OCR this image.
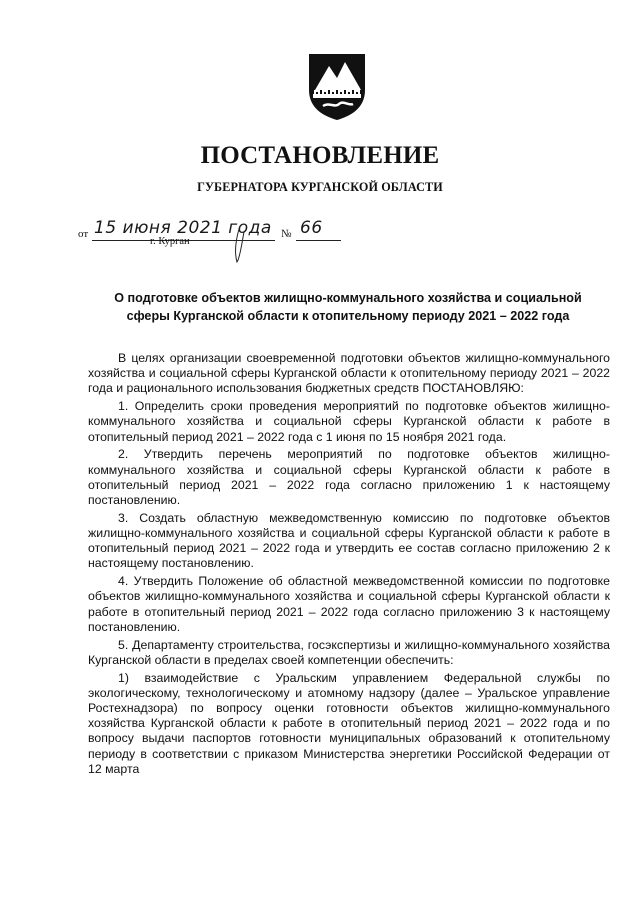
ПОСТАНОВЛЕНИЕ
ГУБЕРНАТОРА КУРГАНСКОЙ ОБЛАСТИ
от 15 июня 2021 года № 66
г. Курган
О подготовке объектов жилищно-коммунального хозяйства и социальной
сферы Курганской области к отопительному периоду 2021 – 2022 года

В целях организации своевременной подготовки объектов жилищно-коммунального хозяйства и социальной сферы Курганской области к отопительному периоду 2021 – 2022 года и рационального использования бюджетных средств ПОСТАНОВЛЯЮ:

1. Определить сроки проведения мероприятий по подготовке объектов жилищно-коммунального хозяйства и социальной сферы Курганской области к работе в отопительный период 2021 – 2022 года с 1 июня по 15 ноября 2021 года.

2. Утвердить перечень мероприятий по подготовке объектов жилищно-коммунального хозяйства и социальной сферы Курганской области к работе в отопительный период 2021 – 2022 года согласно приложению 1 к настоящему постановлению.

3. Создать областную межведомственную комиссию по подготовке объектов жилищно-коммунального хозяйства и социальной сферы Курганской области к работе в отопительный период 2021 – 2022 года и утвердить ее состав согласно приложению 2 к настоящему постановлению.

4. Утвердить Положение об областной межведомственной комиссии по подготовке объектов жилищно-коммунального хозяйства и социальной сферы Курганской области к работе в отопительный период 2021 – 2022 года согласно приложению 3 к настоящему постановлению.

5. Департаменту строительства, госэкспертизы и жилищно-коммунального хозяйства Курганской области в пределах своей компетенции обеспечить:

1) взаимодействие с Уральским управлением Федеральной службы по экологическому, технологическому и атомному надзору (далее – Уральское управление Ростехнадзора) по вопросу оценки готовности объектов жилищно-коммунального хозяйства Курганской области к работе в отопительный период 2021 – 2022 года и по вопросу выдачи паспортов готовности муниципальных образований к отопительному периоду в соответствии с приказом Министерства энергетики Российской Федерации от 12 марта
